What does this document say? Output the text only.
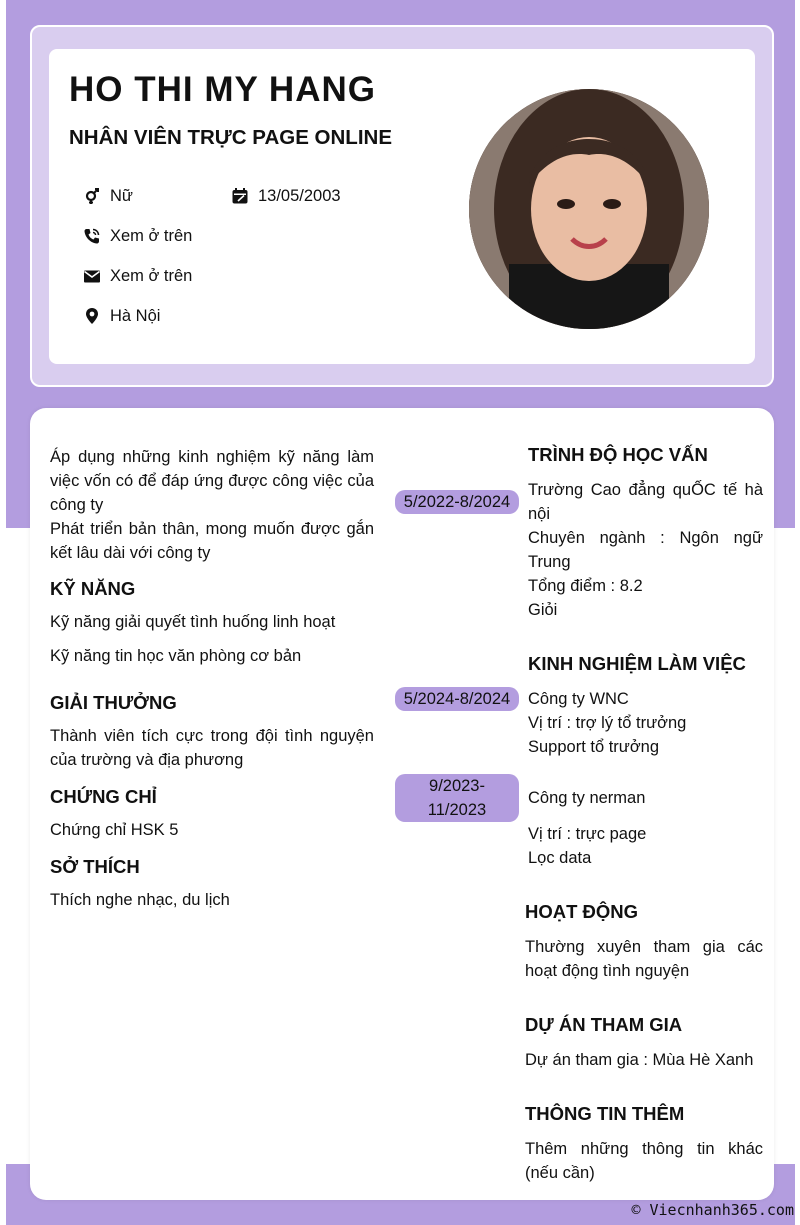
HO THI MY HANG
NHÂN VIÊN TRỰC PAGE ONLINE
Nữ	13/05/2003
Xem ở trên
Xem ở trên
Hà Nội
Áp dụng những kinh nghiệm kỹ năng làm việc vốn có để đáp ứng được công việc của công ty
Phát triển bản thân, mong muốn được gắn kết lâu dài với công ty
KỸ NĂNG
Kỹ năng giải quyết tình huống linh hoạt
Kỹ năng tin học văn phòng cơ bản
GIẢI THƯỞNG
Thành viên tích cực trong đội tình nguyện của trường và địa phương
CHỨNG CHỈ
Chứng chỉ HSK 5
SỞ THÍCH
Thích nghe nhạc, du lịch
5/2022-8/2024
5/2024-8/2024
9/2023-
11/2023
TRÌNH ĐỘ HỌC VẤN
Trường Cao đẳng quỐC tế hà nội
Chuyên ngành : Ngôn ngữ Trung
Tổng điểm : 8.2
Giỏi
KINH NGHIỆM LÀM VIỆC
Công ty WNC
Vị trí : trợ lý tổ trưởng
Support tổ trưởng
Công ty nerman
Vị trí : trực page
Lọc data
HOẠT ĐỘNG
Thường xuyên tham gia các hoạt động tình nguyện
DỰ ÁN THAM GIA
Dự án tham gia : Mùa Hè Xanh
THÔNG TIN THÊM
Thêm những thông tin khác (nếu cần)
© Viecnhanh365.com
